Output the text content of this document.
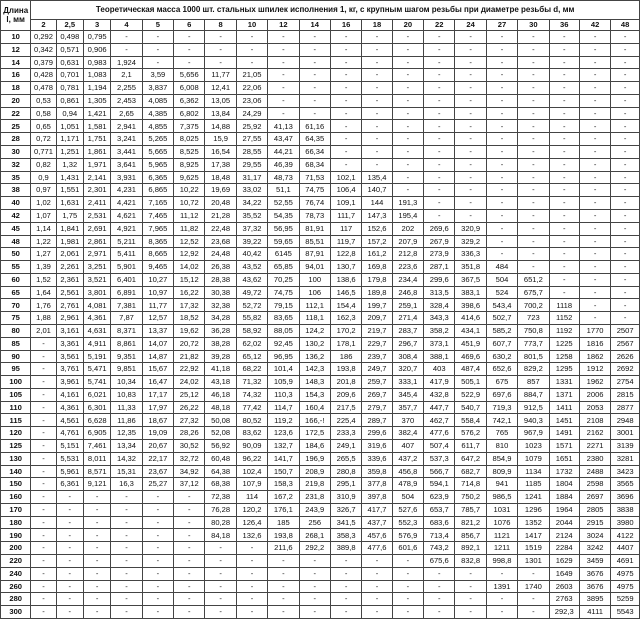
Длина
l, мм	Теоретическая масса 1000 шт. стальных шпилек исполнения 1, кг, с крупным шагом резьбы при диаметре резьбы d, мм																			
	2	2,5	3	4	5	6	8	10	12	14	16	18	20	22	24	27	30	36	42	48
10	0,292	0,498	0,795	-	-	-	-	-	-	-	-	-	-	-	-	-	-	-	-	-
12	0,342	0,571	0,906	-	-	-	-	-	-	-	-	-	-	-	-	-	-	-	-	-
14	0,379	0,631	0,983	1,924	-	-	-	-	-	-	-	-	-	-	-	-	-	-	-	-
16	0,428	0,701	1,083	2,1	3,59	5,656	11,77	21,05	-	-	-	-	-	-	-	-	-	-	-	-
18	0,478	0,781	1,194	2,255	3,837	6,008	12,41	22,06	-	-	-	-	-	-	-	-	-	-	-	-
20	0,53	0,861	1,305	2,453	4,085	6,362	13,05	23,06	-	-	-	-	-	-	-	-	-	-	-	-
22	0,58	0,94	1,421	2,65	4,385	6,802	13,84	24,29	-	-	-	-	-	-	-	-	-	-	-	-
25	0,65	1,051	1,581	2,941	4,855	7,375	14,88	25,92	41,13	61,16	-	-	-	-	-	-	-	-	-	-
28	0,72	1,171	1,751	3,241	5,265	8,025	15,9	27,55	43,47	64,35	-	-	-	-	-	-	-	-	-	-
30	0,771	1,251	1,861	3,441	5,665	8,525	16,54	28,55	44,21	66,34	-	-	-	-	-	-	-	-	-	-
32	0,82	1,32	1,971	3,641	5,965	8,925	17,38	29,55	46,39	68,34	-	-	-	-	-	-	-	-	-	-
35	0,9	1,431	2,141	3,931	6,365	9,625	18,48	31,17	48,73	71,53	102,1	135,4	-	-	-	-	-	-	-	-
38	0,97	1,551	2,301	4,231	6,865	10,22	19,69	33,02	51,1	74,75	106,4	140,7	-	-	-	-	-	-	-	-
40	1,02	1,631	2,411	4,421	7,165	10,72	20,48	34,22	52,55	76,74	109,1	144	191,3	-	-	-	-	-	-	-
42	1,07	1,75	2,531	4,621	7,465	11,12	21,28	35,52	54,35	78,73	111,7	147,3	195,4	-	-	-	-	-	-	-
45	1,14	1,841	2,691	4,921	7,965	11,82	22,48	37,32	56,95	81,91	117	152,6	202	269,6	320,9	-	-	-	-	-
48	1,22	1,981	2,861	5,211	8,365	12,52	23,68	39,22	59,65	85,51	119,7	157,2	207,9	267,9	329,2	-	-	-	-	-
50	1,27	2,061	2,971	5,411	8,665	12,92	24,48	40,42	6145	87,91	122,8	161,2	212,8	273,9	336,3	-	-	-	-	-
55	1,39	2,261	3,251	5,901	9,465	14,02	26,38	43,52	65,85	94,01	130,7	169,8	223,6	287,1	351,8	484	-	-	-	-
60	1,52	2,361	3,521	6,401	10,27	15,12	28,38	43,62	70,25	100	138,6	179,8	234,4	299,6	367,5	504	651,2	-	-	-
65	1,64	2,561	3,801	6,891	10,97	16,22	30,38	49,72	74,75	106	146,5	189,8	246,8	313,5	383,1	524	675,7	-	-	-
70	1,76	2,761	4,081	7,381	11,77	17,32	32,38	52,72	79,15	112,1	154,4	199,7	259,1	328,4	398,6	543,4	700,2	1118	-	-
75	1,88	2,961	4,361	7,87	12,57	18,52	34,28	55,82	83,65	118,1	162,3	209,7	271,4	343,3	414,6	502,7	723	1152	-	-
80	2,01	3,161	4,631	8,371	13,37	19,62	36,28	58,92	88,05	124,2	170,2	219,7	283,7	358,2	434,1	585,2	750,8	1192	1770	2507
85	-	3,361	4,911	8,861	14,07	20,72	38,28	62,02	92,45	130,2	178,1	229,7	296,7	373,1	451,9	607,7	773,7	1225	1816	2567
90	-	3,561	5,191	9,351	14,87	21,82	39,28	65,12	96,95	136,2	186	239,7	308,4	388,1	469,6	630,2	801,5	1258	1862	2626
95	-	3,761	5,471	9,851	15,67	22,92	41,18	68,22	101,4	142,3	193,8	249,7	320,7	403	487,4	652,6	829,2	1295	1912	2692
100	-	3,961	5,741	10,34	16,47	24,02	43,18	71,32	105,9	148,3	201,8	259,7	333,1	417,9	505,1	675	857	1331	1962	2754
105	-	4,161	6,021	10,83	17,17	25,12	46,18	74,32	110,3	154,3	209,6	269,7	345,4	432,8	522,9	697,6	884,7	1371	2006	2815
110	-	4,361	6,301	11,33	17,97	26,22	48,18	77,42	114,7	160,4	217,5	279,7	357,7	447,7	540,7	719,3	912,5	1411	2053	2877
115	-	4,561	6,628	11,86	18,67	27,32	50,08	80,52	119,2	166,-!	225,4	289,7	370	462,7	558,4	742,1	940,3	1451	2108	2948
120	-	4,761	6,905	12,35	19,09	28,26	52,08	83,62	123,6	172,5	233,3	299,6	382,4	477,6	576,2	765	967,9	1491	2162	3001
125	-	5,151	7,461	13,34	20,67	30,52	56,92	90,09	132,7	184,6	249,1	319,6	407	507,4	611,7	810	1023	1571	2271	3139
130	-	5,531	8,011	14,32	22,17	32,72	60,48	96,22	141,7	196,9	265,5	339,6	437,2	537,3	647,2	854,9	1079	1651	2380	3281
140	-	5,961	8,571	15,31	23,67	34,92	64,38	102,4	150,7	208,9	280,8	359,8	456,8	566,7	682,7	809,9	1134	1732	2488	3423
150	-	6,361	9,121	16,3	25,27	37,12	68,38	107,9	158,3	219,8	295,1	377,8	478,9	594,1	714,8	941	1185	1804	2598	3565
160	-	-	-	-	-	-	72,38	114	167,2	231,8	310,9	397,8	504	623,9	750,2	986,5	1241	1884	2697	3696
170	-	-	-	-	-	-	76,28	120,2	176,1	243,9	326,7	417,7	527,6	653,7	785,7	1031	1296	1964	2805	3838
180	-	-	-	-	-	-	80,28	126,4	185	256	341,5	437,7	552,3	683,6	821,2	1076	1352	2044	2915	3980
190	-	-	-	-	-	-	84,18	132,6	193,8	268,1	358,3	457,6	576,9	713,4	856,7	1121	1417	2124	3024	4122
200	-	-	-	-	-	-	-	-	211,6	292,2	389,8	477,6	601,6	743,2	892,1	1211	1519	2284	3242	4407
220	-	-	-	-	-	-	-	-	-	-	-	-	-	675,6	832,8	998,8	1301	1629	3459	4691
240	-	-	-	-	-	-	-	-	-	-	-	-	-	-	-	-	-	1649	3676	4975
260	-	-	-	-	-	-	-	-	-	-	-	-	-	-	-	1391	1740	2603	3676	4975
280	-	-	-	-	-	-	-	-	-	-	-	-	-	-	-	-	-	2763	3895	5259
300	-	-	-	-	-	-	-	-	-	-	-	-	-	-	-	-	-	292,3	4111	5543
